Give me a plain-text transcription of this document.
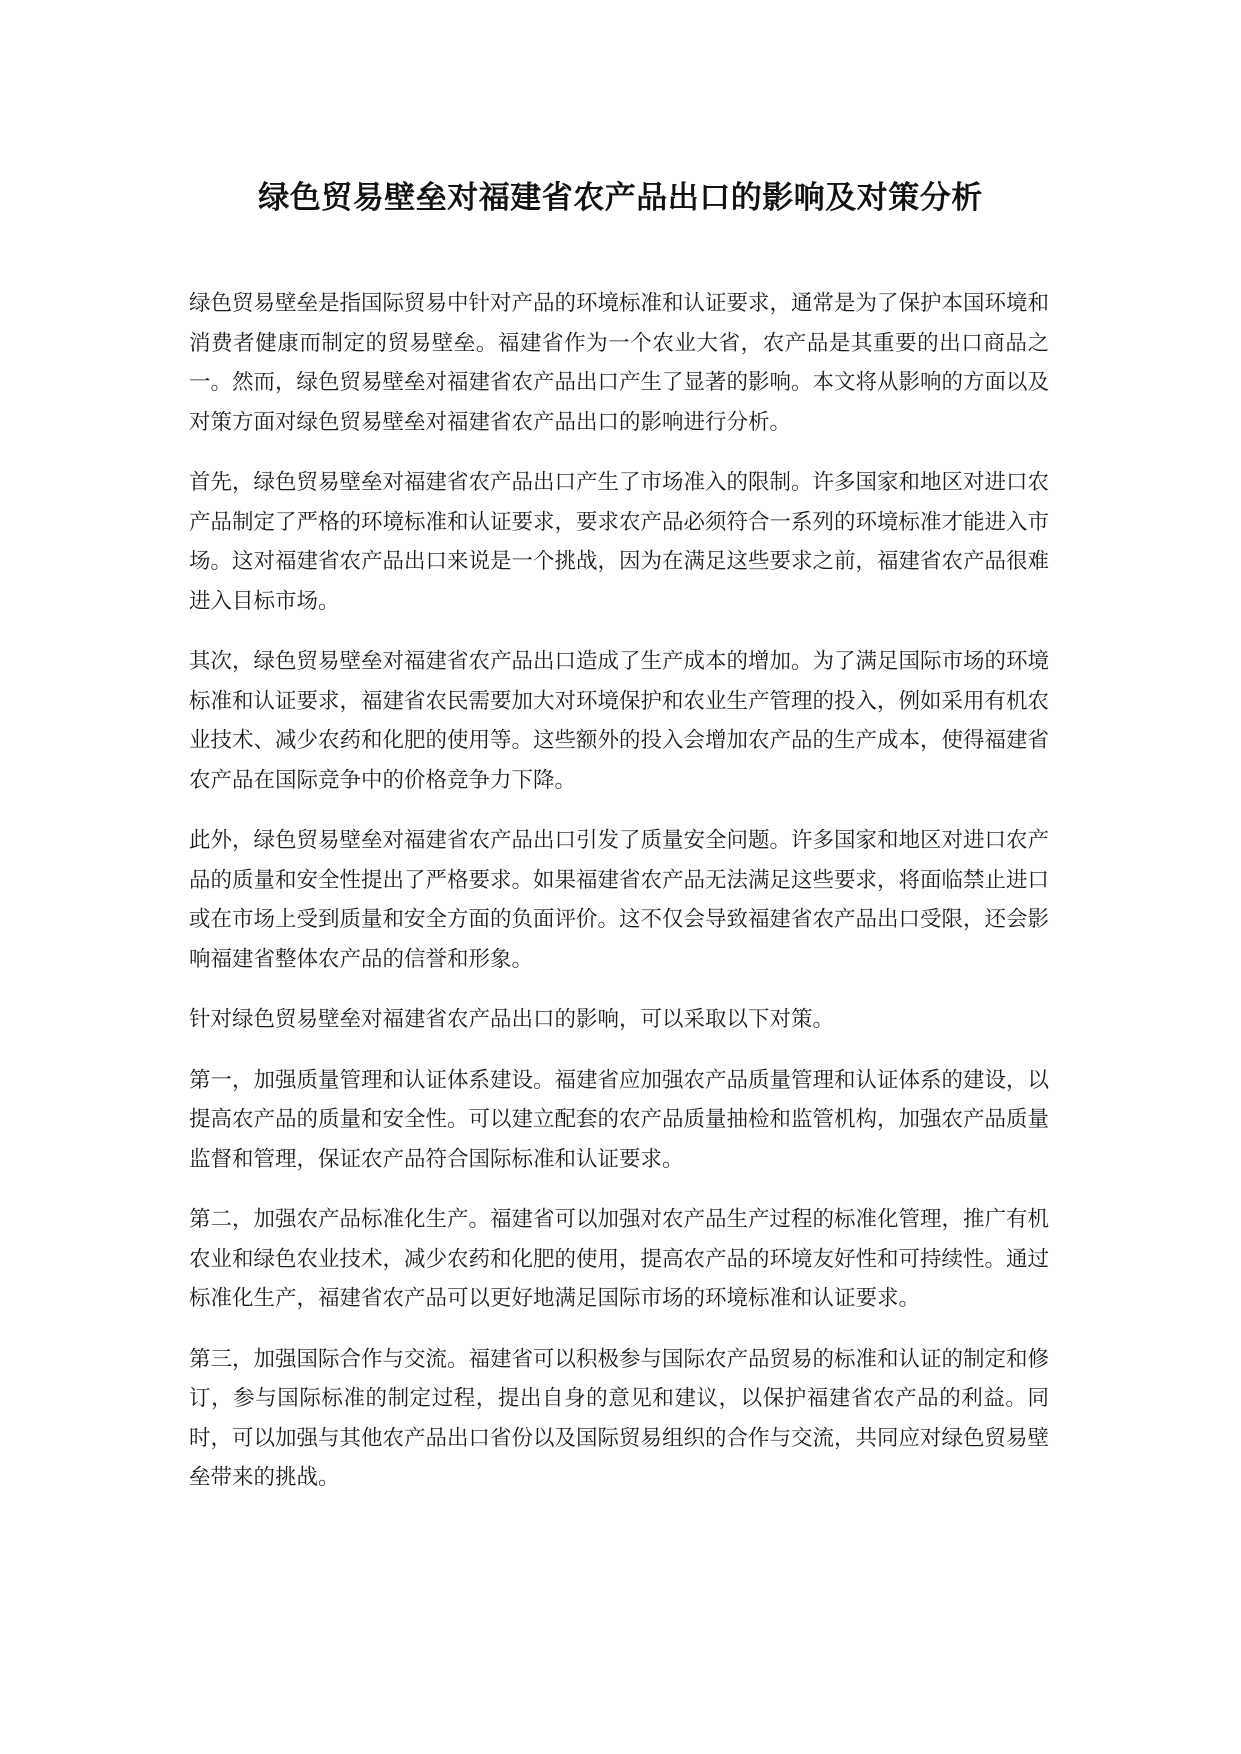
绿色贸易壁垒对福建省农产品出口的影响及对策分析

绿色贸易壁垒是指国际贸易中针对产品的环境标准和认证要求，通常是为了保护本国环境和消费者健康而制定的贸易壁垒。福建省作为一个农业大省，农产品是其重要的出口商品之一。然而，绿色贸易壁垒对福建省农产品出口产生了显著的影响。本文将从影响的方面以及对策方面对绿色贸易壁垒对福建省农产品出口的影响进行分析。

首先，绿色贸易壁垒对福建省农产品出口产生了市场准入的限制。许多国家和地区对进口农产品制定了严格的环境标准和认证要求，要求农产品必须符合一系列的环境标准才能进入市场。这对福建省农产品出口来说是一个挑战，因为在满足这些要求之前，福建省农产品很难进入目标市场。

其次，绿色贸易壁垒对福建省农产品出口造成了生产成本的增加。为了满足国际市场的环境标准和认证要求，福建省农民需要加大对环境保护和农业生产管理的投入，例如采用有机农业技术、减少农药和化肥的使用等。这些额外的投入会增加农产品的生产成本，使得福建省农产品在国际竞争中的价格竞争力下降。

此外，绿色贸易壁垒对福建省农产品出口引发了质量安全问题。许多国家和地区对进口农产品的质量和安全性提出了严格要求。如果福建省农产品无法满足这些要求，将面临禁止进口或在市场上受到质量和安全方面的负面评价。这不仅会导致福建省农产品出口受限，还会影响福建省整体农产品的信誉和形象。

针对绿色贸易壁垒对福建省农产品出口的影响，可以采取以下对策。

第一，加强质量管理和认证体系建设。福建省应加强农产品质量管理和认证体系的建设，以提高农产品的质量和安全性。可以建立配套的农产品质量抽检和监管机构，加强农产品质量监督和管理，保证农产品符合国际标准和认证要求。

第二，加强农产品标准化生产。福建省可以加强对农产品生产过程的标准化管理，推广有机农业和绿色农业技术，减少农药和化肥的使用，提高农产品的环境友好性和可持续性。通过标准化生产，福建省农产品可以更好地满足国际市场的环境标准和认证要求。

第三，加强国际合作与交流。福建省可以积极参与国际农产品贸易的标准和认证的制定和修订，参与国际标准的制定过程，提出自身的意见和建议，以保护福建省农产品的利益。同时，可以加强与其他农产品出口省份以及国际贸易组织的合作与交流，共同应对绿色贸易壁垒带来的挑战。
